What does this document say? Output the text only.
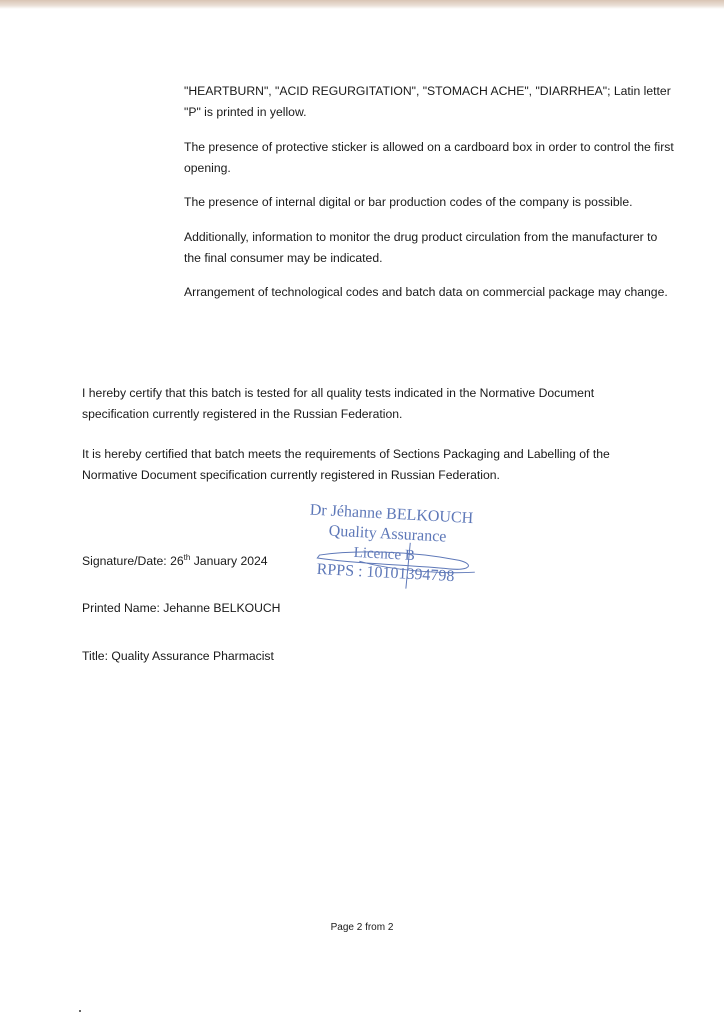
"HEARTBURN", "ACID REGURGITATION", "STOMACH ACHE", "DIARRHEA"; Latin letter "P" is printed in yellow.

The presence of protective sticker is allowed on a cardboard box in order to control the first opening.

The presence of internal digital or bar production codes of the company is possible.

Additionally, information to monitor the drug product circulation from the manufacturer to the final consumer may be indicated.

Arrangement of technological codes and batch data on commercial package may change.

I hereby certify that this batch is tested for all quality tests indicated in the Normative Document specification currently registered in the Russian Federation.

It is hereby certified that batch meets the requirements of Sections Packaging and Labelling of the Normative Document specification currently registered in Russian Federation.

Signature/Date: 26th January 2024

Printed Name: Jehanne BELKOUCH

Title: Quality Assurance Pharmacist

Dr Jéhanne BELKOUCH
Quality Assurance
Licence B
RPPS : 10101394798

Page 2 from 2
